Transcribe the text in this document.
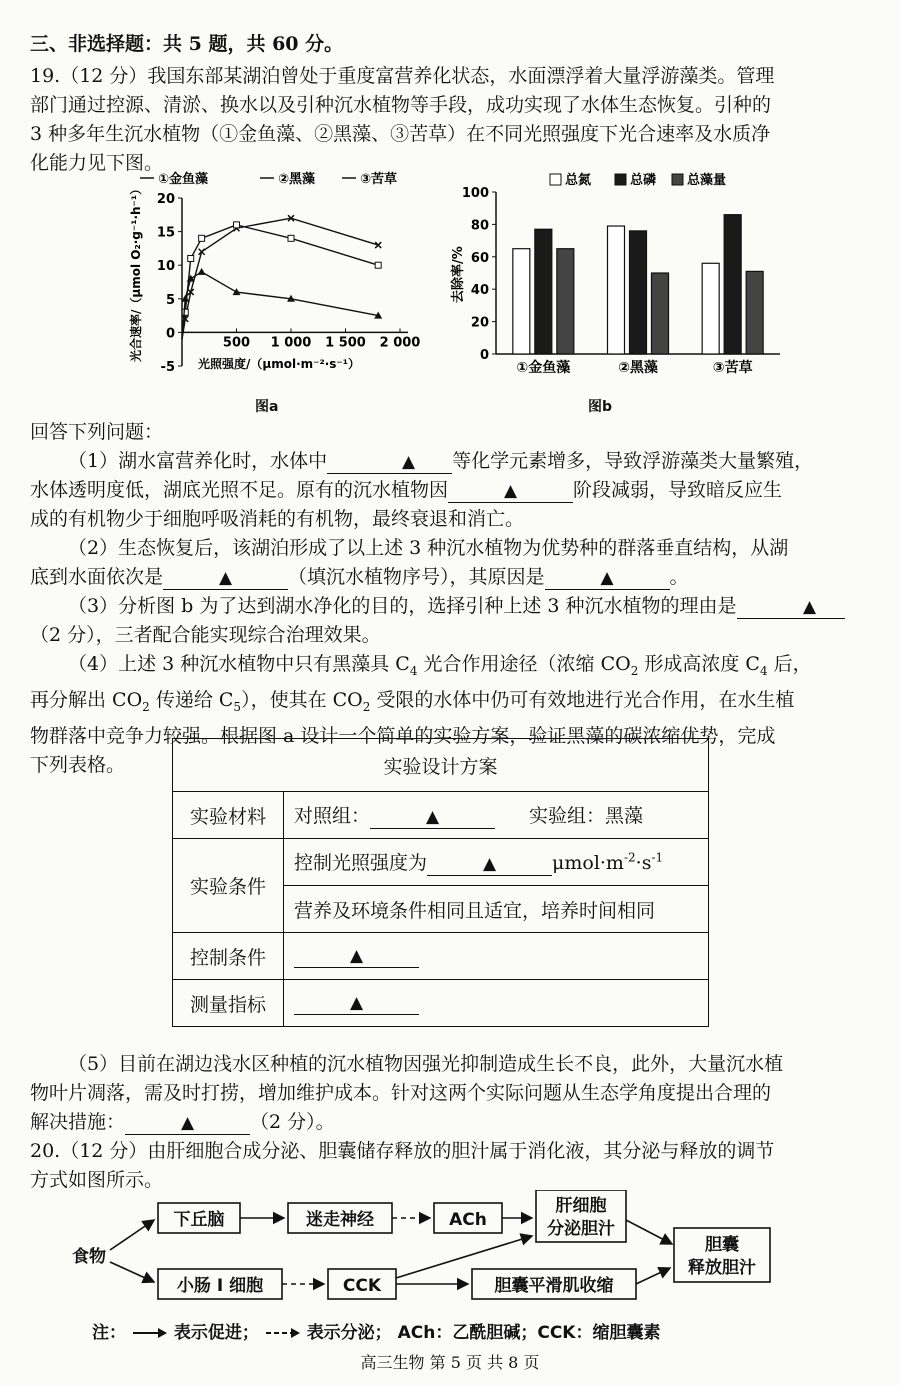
三、非选择题：共 5 题，共 60 分。

19.（12 分）我国东部某湖泊曾处于重度富营养化状态，水面漂浮着大量浮游藻类。管理

部门通过控源、清淤、换水以及引种沉水植物等手段，成功实现了水体生态恢复。引种的

3 种多年生沉水植物（①金鱼藻、②黑藻、③苦草）在不同光照强度下光合速率及水质净

化能力见下图。

-5
0
5
10
15
20
500 1 000 1 500 2 000
光照强度/（μmol·m⁻²·s⁻¹）
光合速率/（μmol O₂·g⁻¹·h⁻¹）
①金鱼藻	②黑藻	③苦草
图a
0
20
40
60
80
100
去除率/%
总氮	总磷 总藻量
①金鱼藻	②黑藻	③苦草
图b

回答下列问题：

（1）湖水富营养化时，水体中	▲ 等化学元素增多，导致浮游藻类大量繁殖，

水体透明度低，湖底光照不足。原有的沉水植物因	▲	阶段减弱，导致暗反应生

成的有机物少于细胞呼吸消耗的有机物，最终衰退和消亡。

（2）生态恢复后，该湖泊形成了以上述 3 种沉水植物为优势种的群落垂直结构，从湖

底到水面依次是	▲	（填沉水植物序号），其原因是	▲	。

（3）分析图 b 为了达到湖水净化的目的，选择引种上述 3 种沉水植物的理由是	▲

（2 分），三者配合能实现综合治理效果。

（4）上述 3 种沉水植物中只有黑藻具 $C_4$ 光合作用途径（浓缩 $CO_2$ 形成高浓度 $C_4$ 后，

再分解出 $CO_2$ 传递给 $C_5$），使其在 $CO_2$ 受限的水体中仍可有效地进行光合作用，在水生植

物群落中竞争力较强。根据图 a 设计一个简单的实验方案，验证黑藻的碳浓缩优势，完成

下列表格。	实验设计方案	
实验材料	对照组： ▲ 实验组：黑藻
实验条件	控制光照强度为 ▲ $\mu mol\cdot m^{-2}\cdot s^{-1}$
	营养及环境条件相同且适宜，培养时间相同
控制条件	▲
测量指标	▲

（5）目前在湖边浅水区种植的沉水植物因强光抑制造成生长不良，此外，大量沉水植

物叶片凋落，需及时打捞，增加维护成本。针对这两个实际问题从生态学角度提出合理的

解决措施：	▲	（2 分）。

20.（12 分）由肝细胞合成分泌、胆囊储存释放的胆汁属于消化液，其分泌与释放的调节

方式如图所示。

食物
下丘脑	迷走神经	ACh
肝细胞
分泌胆汁
小肠 I 细胞	CCK	胆囊平滑肌收缩
胆囊
释放胆汁
注：	表示促进；	表示分泌； ACh：乙酰胆碱；CCK：缩胆囊素
高三生物 第 5 页 共 8 页
